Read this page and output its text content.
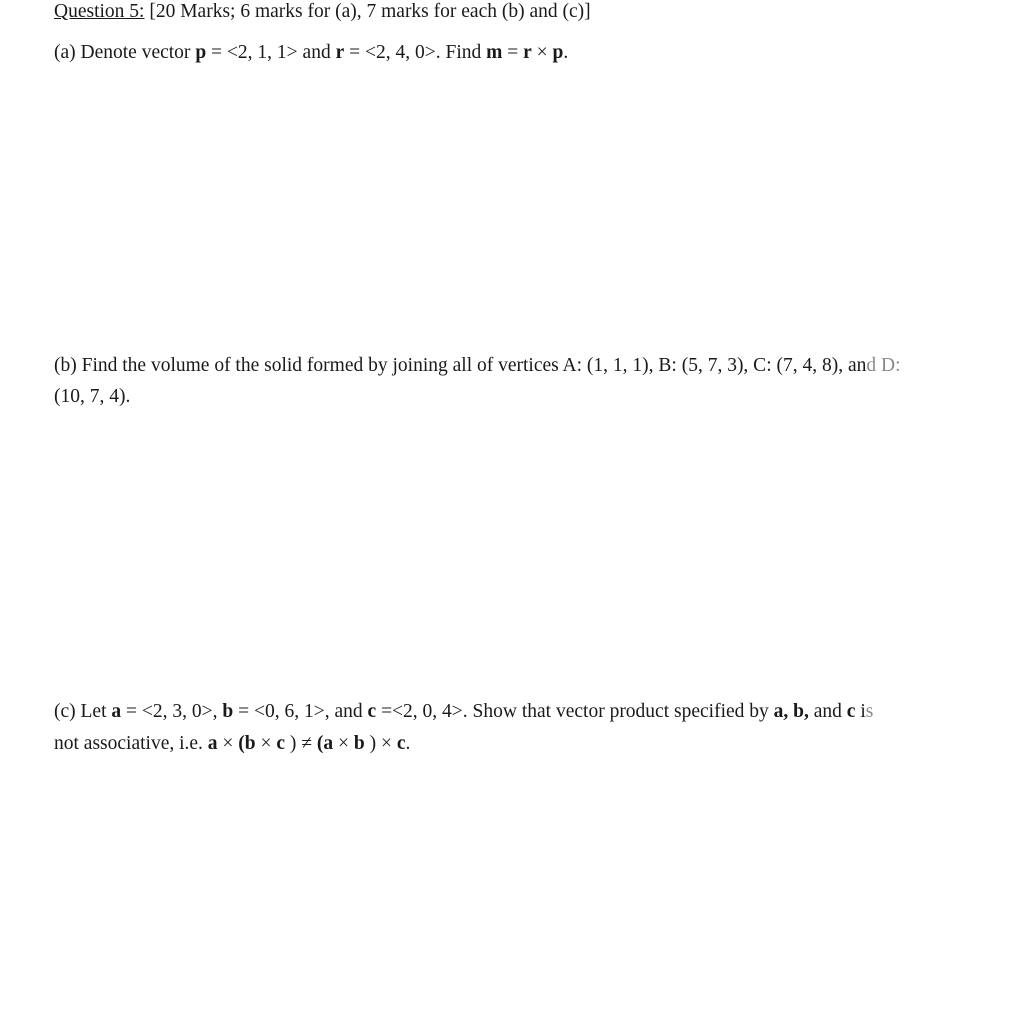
Question 5: [20 Marks; 6 marks for (a), 7 marks for each (b) and (c)]
(a) Denote vector p = <2, 1, 1> and r = <2, 4, 0>. Find m = r × p.
(b) Find the volume of the solid formed by joining all of vertices A: (1, 1, 1), B: (5, 7, 3), C: (7, 4, 8), and D:
(10, 7, 4).
(c) Let a = <2, 3, 0>, b = <0, 6, 1>, and c =<2, 0, 4>. Show that vector product specified by a, b, and c is
not associative, i.e. a × (b × c ) ≠ (a × b ) × c.
